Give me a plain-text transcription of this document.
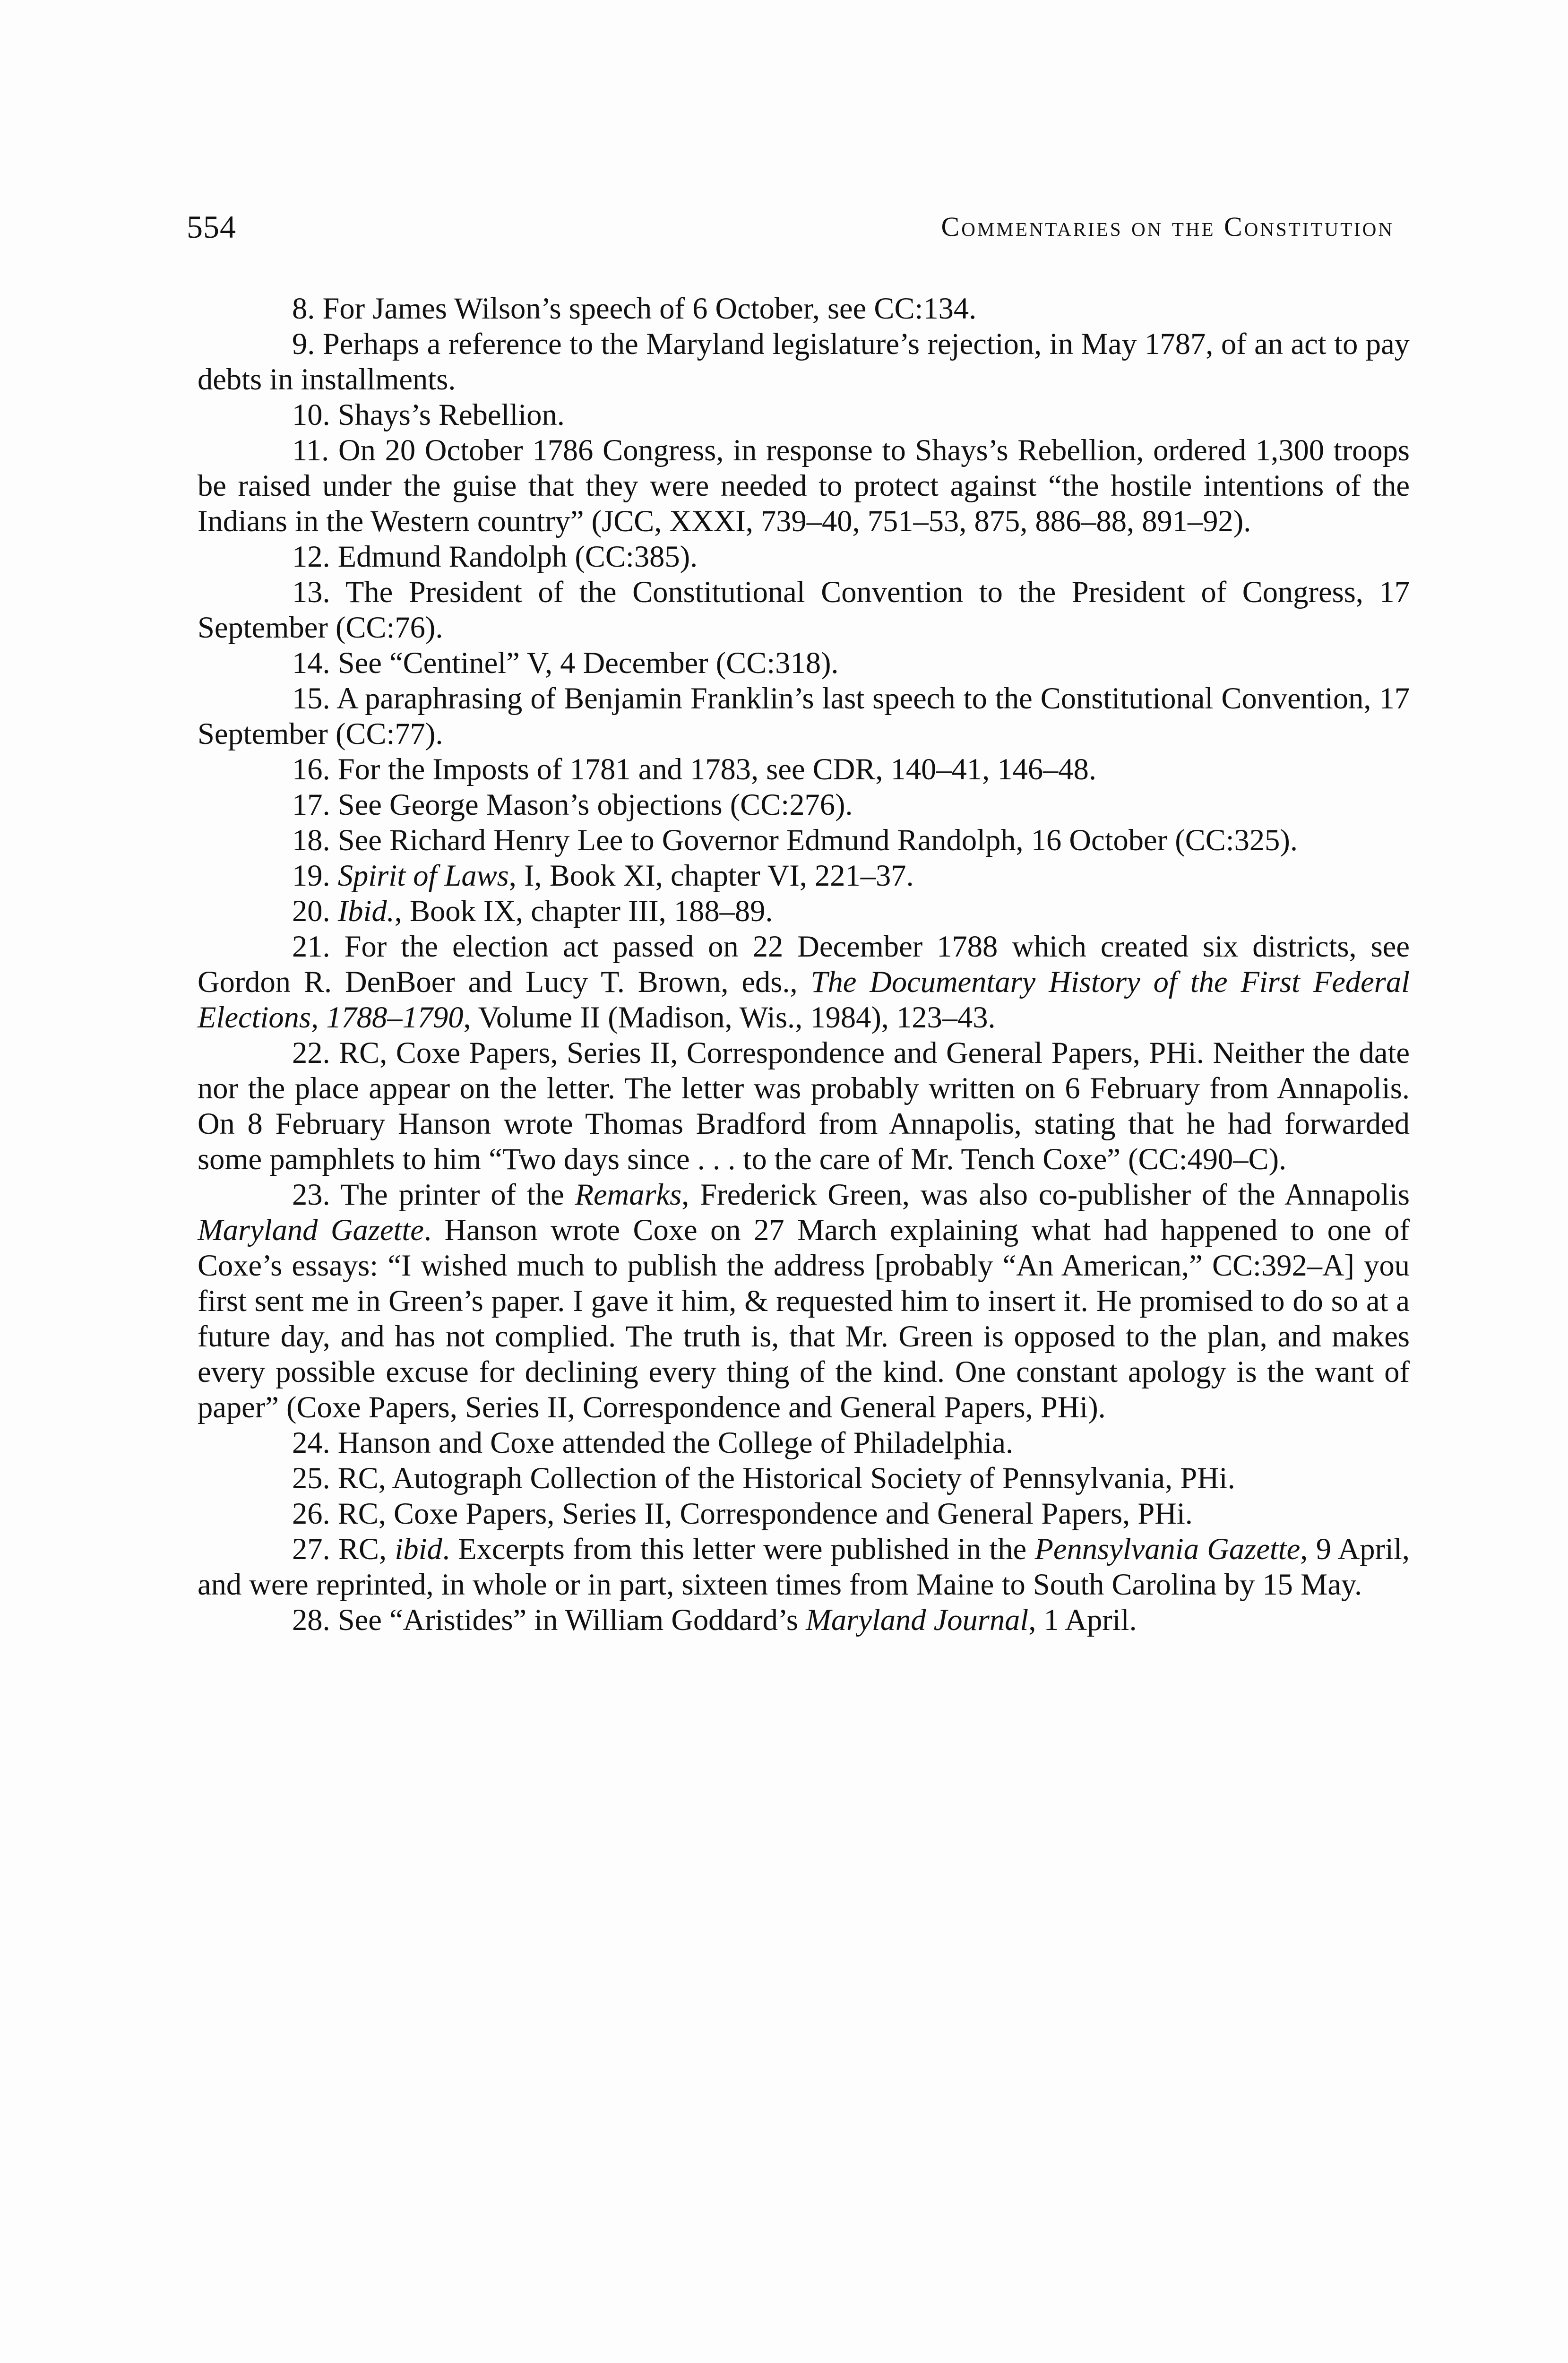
554	Commentaries on the Constitution

8. For James Wilson’s speech of 6 October, see CC:134.

9. Perhaps a reference to the Maryland legislature’s rejection, in May 1787, of an act to pay debts in installments.

10. Shays’s Rebellion.

11. On 20 October 1786 Congress, in response to Shays’s Rebellion, ordered 1,300 troops be raised under the guise that they were needed to protect against “the hostile intentions of the Indians in the Western country” (JCC, XXXI, 739–40, 751–53, 875, 886–88, 891–92).

12. Edmund Randolph (CC:385).

13. The President of the Constitutional Convention to the President of Congress, 17 September (CC:76).

14. See “Centinel” V, 4 December (CC:318).

15. A paraphrasing of Benjamin Franklin’s last speech to the Constitutional Convention, 17 September (CC:77).

16. For the Imposts of 1781 and 1783, see CDR, 140–41, 146–48.

17. See George Mason’s objections (CC:276).

18. See Richard Henry Lee to Governor Edmund Randolph, 16 October (CC:325).

19. Spirit of Laws, I, Book XI, chapter VI, 221–37.

20. Ibid., Book IX, chapter III, 188–89.

21. For the election act passed on 22 December 1788 which created six districts, see Gordon R. DenBoer and Lucy T. Brown, eds., The Documentary History of the First Federal Elections, 1788–1790, Volume II (Madison, Wis., 1984), 123–43.

22. RC, Coxe Papers, Series II, Correspondence and General Papers, PHi. Neither the date nor the place appear on the letter. The letter was probably written on 6 February from Annapolis. On 8 February Hanson wrote Thomas Bradford from Annapolis, stating that he had forwarded some pamphlets to him “Two days since . . . to the care of Mr. Tench Coxe” (CC:490–C).

23. The printer of the Remarks, Frederick Green, was also co-publisher of the Annapolis Maryland Gazette. Hanson wrote Coxe on 27 March explaining what had happened to one of Coxe’s essays: “I wished much to publish the address [probably “An American,” CC:392–A] you first sent me in Green’s paper. I gave it him, & requested him to insert it. He promised to do so at a future day, and has not complied. The truth is, that Mr. Green is opposed to the plan, and makes every possible excuse for declining every thing of the kind. One constant apology is the want of paper” (Coxe Papers, Series II, Correspondence and General Papers, PHi).

24. Hanson and Coxe attended the College of Philadelphia.

25. RC, Autograph Collection of the Historical Society of Pennsylvania, PHi.

26. RC, Coxe Papers, Series II, Correspondence and General Papers, PHi.

27. RC, ibid. Excerpts from this letter were published in the Pennsylvania Gazette, 9 April, and were reprinted, in whole or in part, sixteen times from Maine to South Carolina by 15 May.

28. See “Aristides” in William Goddard’s Maryland Journal, 1 April.
